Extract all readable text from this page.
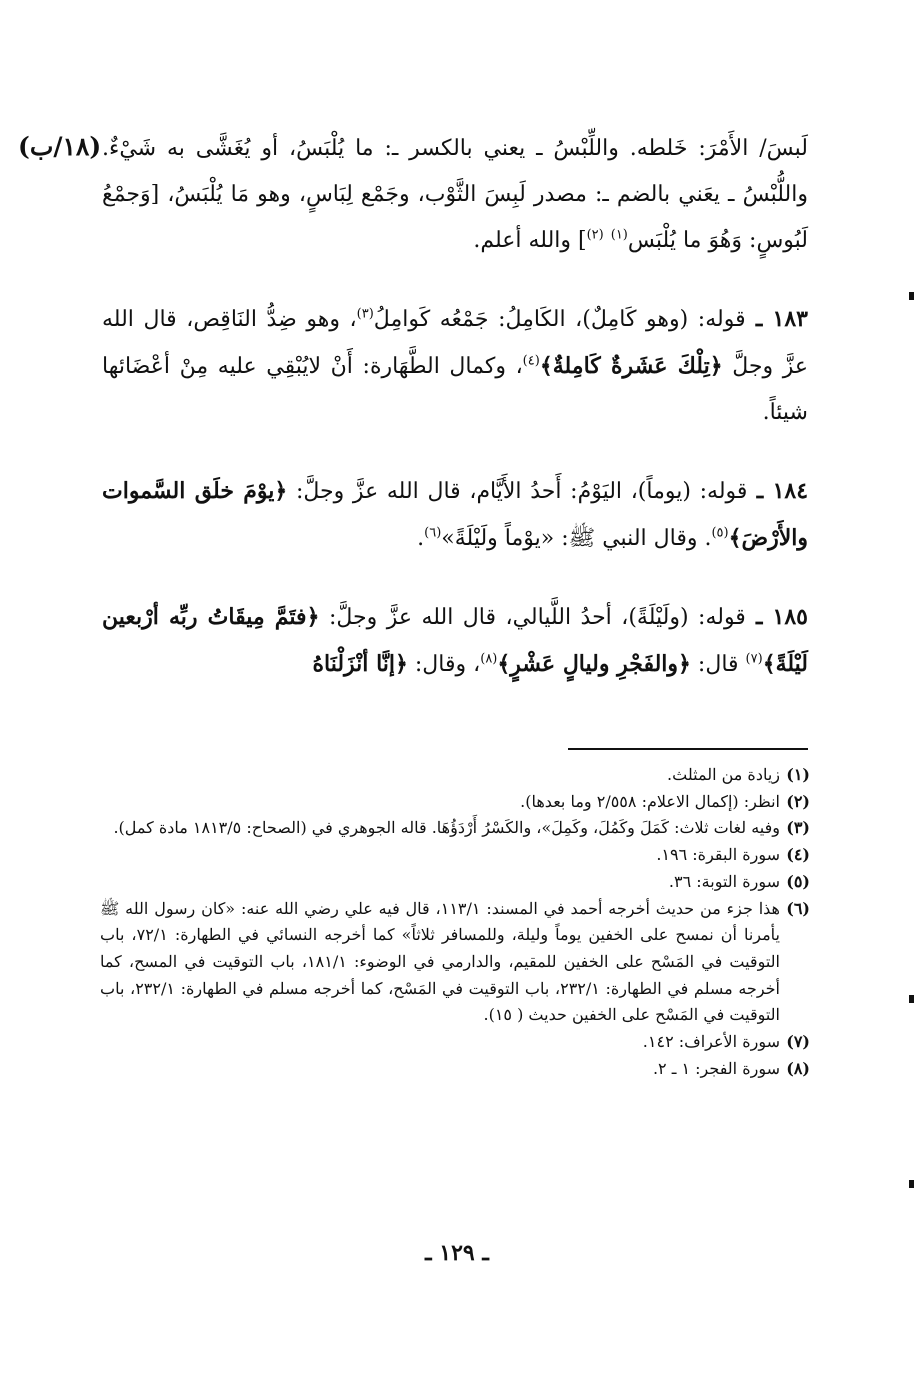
(١٨/ب) لَبسَ/ الأَمْرَ: خَلطه. واللِّبْسُ ـ يعني بالكسر ـ: ما يُلْبَسُ، أو يُغَشَّى به شَيْءٌ. واللُّبْسُ ـ يعَني بالضم ـ: مصدر لَبِسَ الثَّوْب، وجَمْع لِبَاسٍ، وهو مَا يُلْبَسُ، [وَجمْعُ لَبُوسٍ: وَهُوَ ما يُلْبَس$^{(١)}$ $^{(٢)}$] والله أعلم.

١٨٣ ـ قوله: (وهو كَامِلٌ)، الكَامِلُ: جَمْعُه كَوامِلُ$^{(٣)}$، وهو ضِدُّ النَاقِص، قال الله عزَّ وجلَّ ﴿تِلْكَ عَشَرةٌ كَامِلةٌ﴾$^{(٤)}$، وكمال الطَّهَارة: أَنْ لايُبْقِي عليه مِنْ أعْضَائها شيئاً.

١٨٤ ـ قوله: (يوماً)، اليَوْمُ: أَحدُ الأَيَّام، قال الله عزَّ وجلَّ: ﴿يوْمَ خلَق السَّموات والأَرْضَ﴾$^{(٥)}$. وقال النبي ﷺ: «يوْماً ولَيْلَةً»$^{(٦)}$.

١٨٥ ـ قوله: (ولَيْلَةً)، أحدُ اللَّيالي، قال الله عزَّ وجلَّ: ﴿فتَمَّ مِيقَاتُ ربِّه أرْبعين لَيْلَةً﴾$^{(٧)}$ قال: ﴿والفَجْرِ وليالٍ عَشْرٍ﴾$^{(٨)}$، وقال: ﴿إنَّا أنْزَلْنَاهُ

(١)
زيادة من المثلث.
(٢)
انظر: (إكمال الاعلام: ٢/٥٥٨ وما بعدها).
(٣)
وفيه لغات ثلاث: كَمَلَ وكَمُلَ، وكَمِلَ»، والكَسْرُ أَرْدَؤُهَا. قاله الجوهري في (الصحاح: ١٨١٣/٥ مادة كمل).
(٤)
سورة البقرة: ١٩٦.
(٥)
سورة التوبة: ٣٦.
(٦)
هذا جزء من حديث أخرجه أحمد في المسند: ١١٣/١، قال فيه علي رضي الله عنه: «كان رسول الله ﷺ يأمرنا أن نمسح على الخفين يوماً وليلة، وللمسافر ثلاثاً» كما أخرجه النسائي في الطهارة: ٧٢/١، باب التوقيت في المَسْح على الخفين للمقيم، والدارمي في الوضوء: ١٨١/١، باب التوقيت في المسح، كما أخرجه مسلم في الطهارة: ٢٣٢/١، باب التوقيت في المَسْح، كما أخرجه مسلم في الطهارة: ٢٣٢/١، باب التوقيت في المَسْح على الخفين حديث ( ١٥).
(٧)
سورة الأعراف: ١٤٢.
(٨)
سورة الفجر: ١ ـ ٢.
ـ ١٢٩ ـ
